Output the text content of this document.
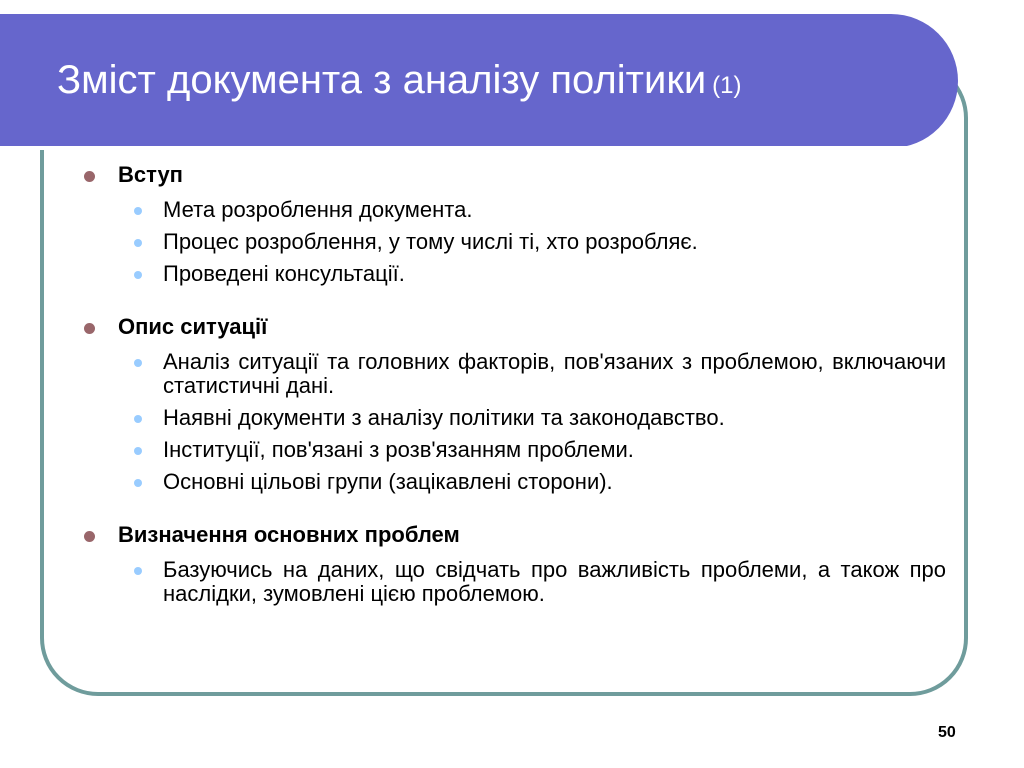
Зміст документа з аналізу політики (1)
Вступ
Мета розроблення документа.
Процес розроблення, у тому числі ті, хто розробляє.
Проведені консультації.
Опис ситуації
Аналіз ситуації та головних факторів, пов'язаних з проблемою, включаючи статистичні дані.
Наявні документи з аналізу політики та законодавство.
Інституції, пов'язані з розв'язанням проблеми.
Основні цільові групи (зацікавлені сторони).
Визначення основних проблем
Базуючись на даних, що свідчать про важливість проблеми, а також про наслідки, зумовлені цією проблемою.
50
